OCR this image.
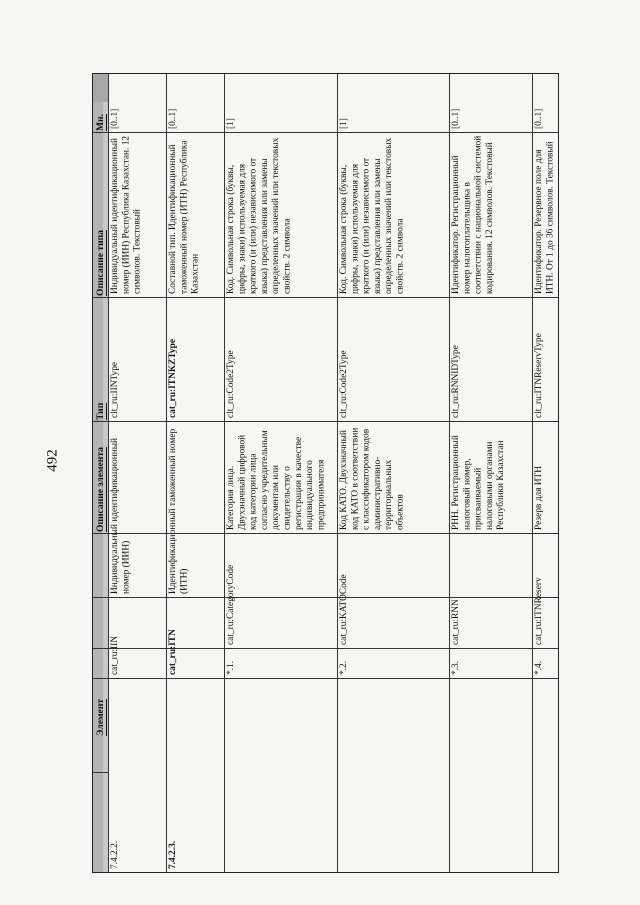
492
Мн.
Описание типа
Тип
Описание элемента
Элемент
[0..1]
Индивидуальный идентификационный номер (ИИН) Республика Казахстан. 12 символов. Текстовый
clt_ru:IINType
Индивидуальный идентификационный номер (ИИН)
cat_ru:IIN
7.4.2.2.
[0..1]
Составной тип. Идентификационный таможенный номер (ИТН) Республика Казахстан
cat_ru:ITNKZType
Идентификационный таможенный номер (ИТН)
cat_ru:ITN
7.4.2.3.
[1]
Код. Символьная строка (буквы, цифры, знаки) используемая для краткого (и (или) независимого от языка) представления или замены определенных значений или текстовых свойств. 2 символа
clt_ru:Code2Type
Категория лица. Двухзначный цифровой код категории лица согласно учредительным документам или свидетельству о регистрации в качестве индивидуального предпринимателя
cat_ru:CategoryCode
*.1.
[1]
Код. Символьная строка (буквы, цифры, знаки) используемая для краткого (и (или) независимого от языка) представления или замены определенных значений или текстовых свойств. 2 символа
clt_ru:Code2Type
Код КАТО. Двухзначный код КАТО в соответствии с классификатором кодов административно-территориальных объектов
cat_ru:KATOCode
*.2.
[0..1]
Идентификатор. Регистрационный номер налогоплательщика в соответствии с национальной системой кодирования. 12 символов. Текстовый
clt_ru:RNNIDType
РНН. Регистрационный налоговый номер, присваиваемый налоговыми органами Республики Казахстан
cat_ru:RNN
*.3.
[0..1]
Идентификатор. Резервное поле для ИТН. От 1 до 36 символов. Текстовый
clt_ru:ITNReservType
Резерв для ИТН
cat_ru:ITNReserv
*.4.
